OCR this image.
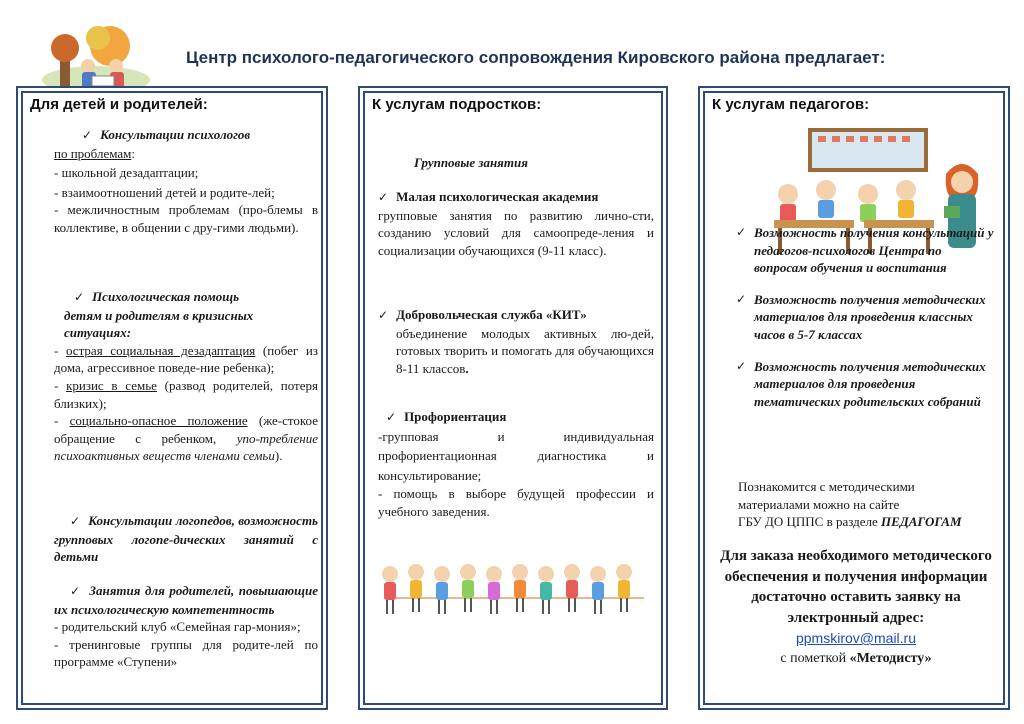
Центр психолого-педагогического сопровождения Кировского района предлагает:
Для детей и родителей:
✓ Консультации психологов
по проблемам:
- школьной дезадаптации;
- взаимоотношений детей и родите-лей;
- межличностным проблемам (про-блемы в коллективе, в общении с дру-гими людьми).
✓ Психологическая помощь
детям и родителям в кризисных ситуациях:
- острая социальная дезадаптация (побег из дома, агрессивное поведе-ние ребенка);
- кризис в семье (развод родителей, потеря близких);
- социально-опасное положение (же-стокое обращение с ребенком, упо-требление психоактивных веществ членами семьи).
✓ Консультации логопедов, возможность групповых логопе-дических занятий с детьми
✓ Занятия для родителей, повышающие их психологическую компетентность
- родительский клуб «Семейная гар-мония»;
- тренинговые группы для родите-лей по программе «Ступени»
К услугам подростков:
Групповые занятия
✓ Малая психологическая академия
групповые занятия по развитию лично-сти, созданию условий для самоопреде-ления и социализации обучающихся (9-11 класс).
✓ Добровольческая служба «КИТ»
объединение молодых активных лю-дей, готовых творить и помогать для обучающихся 8-11 классов.
✓ Профориентация
-групповая и индивидуальная профориентационная диагностика и консультирование;
- помощь в выборе будущей профессии и учебного заведения.
К услугам педагогов:
✓ Возможность получения консультаций у педагогов-психологов Центра по вопросам обучения и воспитания
✓ Возможность получения методических материалов для проведения классных часов в 5-7 классах
✓ Возможность получения методических материалов для проведения тематических родительских собраний
Познакомится с методическими материалами можно на сайте
ГБУ ДО ЦППС в разделе ПЕДАГОГАМ
Для заказа необходимого методического обеспечения и получения информации достаточно оставить заявку на электронный адрес:
ppmskirov@mail.ru
с пометкой «Методисту»
